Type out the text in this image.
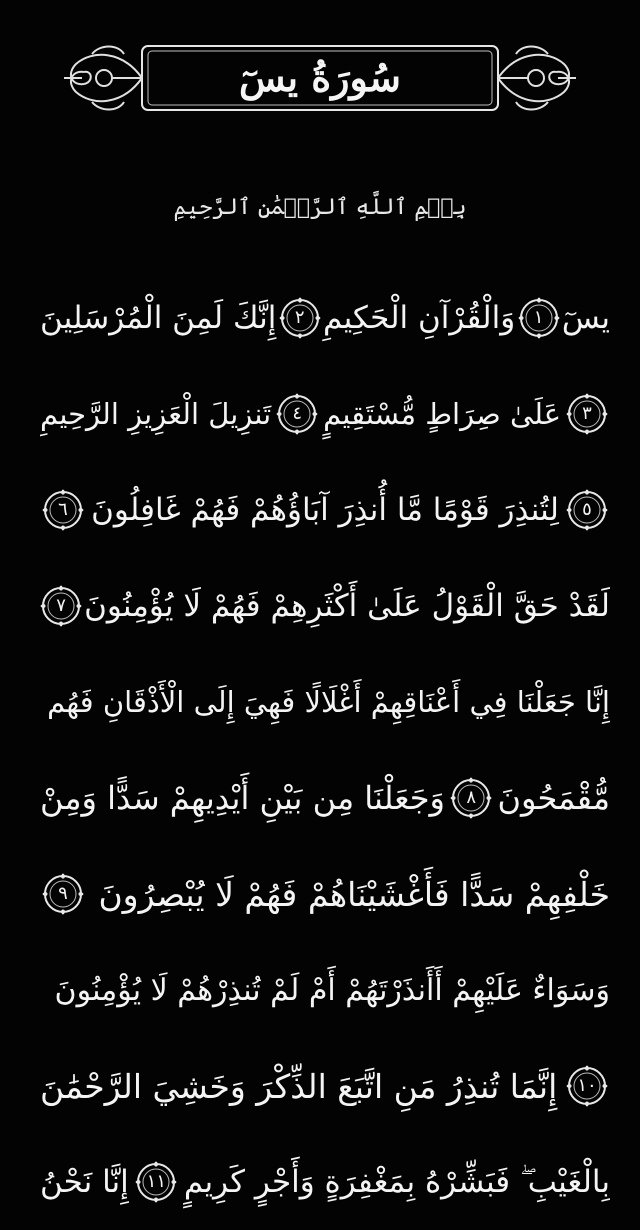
سُورَةُ يسٓ
بِسۡمِ ٱللَّهِ ٱلرَّحۡمَٰنِ ٱلرَّحِيمِ
يسٓ
١
وَالْقُرْآنِ الْحَكِيمِ
٢
إِنَّكَ لَمِنَ الْمُرْسَلِينَ
٣
عَلَىٰ صِرَاطٍ مُّسْتَقِيمٍ
٤
تَنزِيلَ الْعَزِيزِ الرَّحِيمِ
٥
لِتُنذِرَ قَوْمًا مَّا أُنذِرَ آبَاؤُهُمْ فَهُمْ غَافِلُونَ
٦
لَقَدْ حَقَّ الْقَوْلُ عَلَىٰ أَكْثَرِهِمْ فَهُمْ لَا يُؤْمِنُونَ
٧
إِنَّا جَعَلْنَا فِي أَعْنَاقِهِمْ أَغْلَالًا فَهِيَ إِلَى الْأَذْقَانِ فَهُم
مُّقْمَحُونَ
٨
وَجَعَلْنَا مِن بَيْنِ أَيْدِيهِمْ سَدًّا وَمِنْ
خَلْفِهِمْ سَدًّا فَأَغْشَيْنَاهُمْ فَهُمْ لَا يُبْصِرُونَ
٩
وَسَوَاءٌ عَلَيْهِمْ أَأَنذَرْتَهُمْ أَمْ لَمْ تُنذِرْهُمْ لَا يُؤْمِنُونَ
١٠
إِنَّمَا تُنذِرُ مَنِ اتَّبَعَ الذِّكْرَ وَخَشِيَ الرَّحْمَٰنَ
بِالْغَيْبِ ۖ فَبَشِّرْهُ بِمَغْفِرَةٍ وَأَجْرٍ كَرِيمٍ
١١
إِنَّا نَحْنُ
